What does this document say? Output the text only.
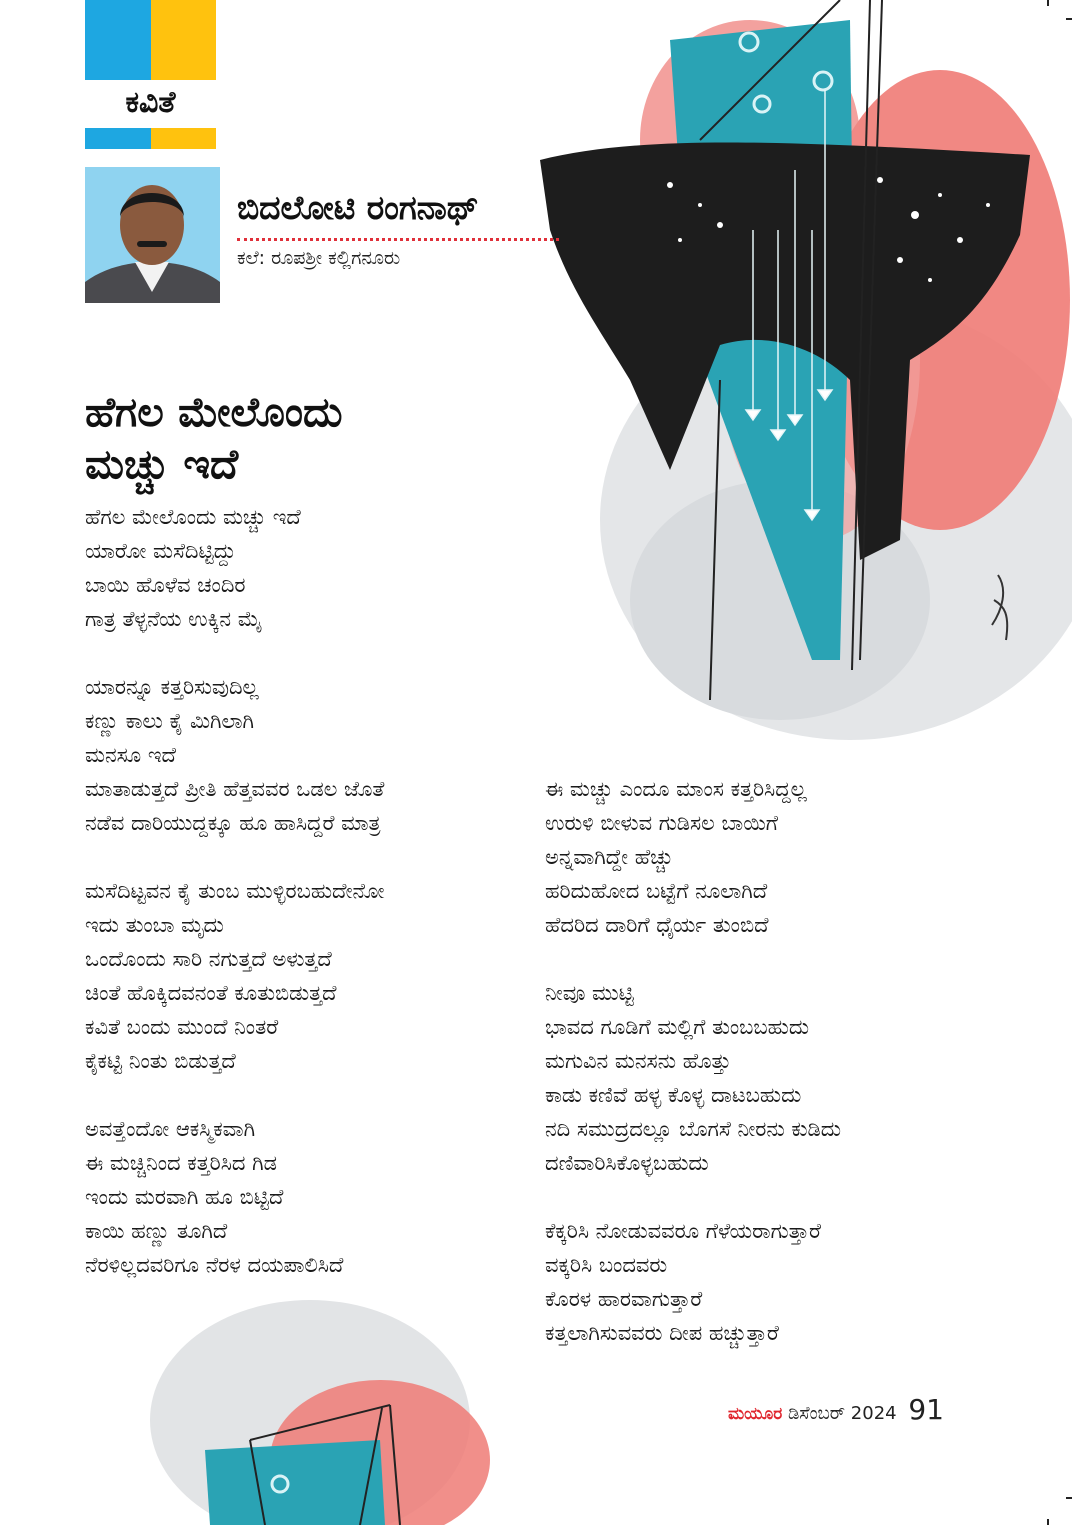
ಕವಿತೆ
ಬಿದಲೋಟಿ ರಂಗನಾಥ್
ಕಲೆ: ರೂಪಶ್ರೀ ಕಲ್ಲಿಗನೂರು
ಹೆಗಲ ಮೇಲೊಂದು
ಮಚ್ಚು ಇದೆ
ಹೆಗಲ ಮೇಲೊಂದು ಮಚ್ಚು ಇದೆ
ಯಾರೋ ಮಸೆದಿಟ್ಟಿದ್ದು
ಬಾಯಿ ಹೊಳೆವ ಚಂದಿರ
ಗಾತ್ರ ತೆಳ್ಳನೆಯ ಉಕ್ಕಿನ ಮೈ
ಯಾರನ್ನೂ ಕತ್ತರಿಸುವುದಿಲ್ಲ
ಕಣ್ಣು ಕಾಲು ಕೈ ಮಿಗಿಲಾಗಿ
ಮನಸೂ ಇದೆ
ಮಾತಾಡುತ್ತದೆ ಪ್ರೀತಿ ಹೆತ್ತವವರ ಒಡಲ ಜೊತೆ
ನಡೆವ ದಾರಿಯುದ್ದಕ್ಕೂ ಹೂ ಹಾಸಿದ್ದರೆ ಮಾತ್ರ
ಮಸೆದಿಟ್ಟವನ ಕೈ ತುಂಬ ಮುಳ್ಳಿರಬಹುದೇನೋ
ಇದು ತುಂಬಾ ಮೃದು
ಒಂದೊಂದು ಸಾರಿ ನಗುತ್ತದೆ ಅಳುತ್ತದೆ
ಚಿಂತೆ ಹೊಕ್ಕಿದವನಂತೆ ಕೂತುಬಿಡುತ್ತದೆ
ಕವಿತೆ ಬಂದು ಮುಂದೆ ನಿಂತರೆ
ಕೈಕಟ್ಟಿ ನಿಂತು ಬಿಡುತ್ತದೆ
ಅವತ್ತೆಂದೋ ಆಕಸ್ಮಿಕವಾಗಿ
ಈ ಮಚ್ಚಿನಿಂದ ಕತ್ತರಿಸಿದ ಗಿಡ
ಇಂದು ಮರವಾಗಿ ಹೂ ಬಿಟ್ಟಿದೆ
ಕಾಯಿ ಹಣ್ಣು ತೂಗಿದೆ
ನೆರಳಿಲ್ಲದವರಿಗೂ ನೆರಳ ದಯಪಾಲಿಸಿದೆ
ಈ ಮಚ್ಚು ಎಂದೂ ಮಾಂಸ ಕತ್ತರಿಸಿದ್ದಲ್ಲ
ಉರುಳಿ ಬೀಳುವ ಗುಡಿಸಲ ಬಾಯಿಗೆ
ಅನ್ನವಾಗಿದ್ದೇ ಹೆಚ್ಚು
ಹರಿದುಹೋದ ಬಟ್ಟೆಗೆ ನೂಲಾಗಿದೆ
ಹೆದರಿದ ದಾರಿಗೆ ಧೈರ್ಯ ತುಂಬಿದೆ
ನೀವೂ ಮುಟ್ಟಿ
ಭಾವದ ಗೂಡಿಗೆ ಮಲ್ಲಿಗೆ ತುಂಬಬಹುದು
ಮಗುವಿನ ಮನಸನು ಹೊತ್ತು
ಕಾಡು ಕಣಿವೆ ಹಳ್ಳ ಕೊಳ್ಳ ದಾಟಬಹುದು
ನದಿ ಸಮುದ್ರದಲ್ಲೂ ಬೊಗಸೆ ನೀರನು ಕುಡಿದು
ದಣಿವಾರಿಸಿಕೊಳ್ಳಬಹುದು
ಕೆಕ್ಕರಿಸಿ ನೋಡುವವರೂ ಗೆಳೆಯರಾಗುತ್ತಾರೆ
ವಕ್ಕರಿಸಿ ಬಂದವರು
ಕೊರಳ ಹಾರವಾಗುತ್ತಾರೆ
ಕತ್ತಲಾಗಿಸುವವರು ದೀಪ ಹಚ್ಚುತ್ತಾರೆ
ಮಯೂರ ಡಿಸೆಂಬರ್ 2024 91
